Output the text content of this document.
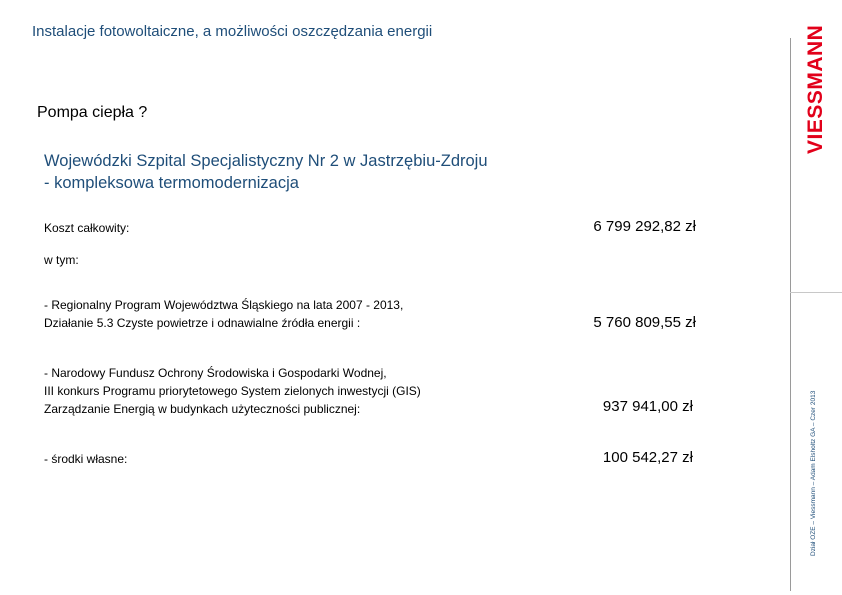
Instalacje fotowoltaiczne, a możliwości oszczędzania energii
Pompa ciepła ?
Wojewódzki Szpital Specjalistyczny Nr 2 w Jastrzębiu-Zdroju
- kompleksowa termomodernizacja
Koszt całkowity:	6 799 292,82 zł
w tym:
- Regionalny Program Województwa Śląskiego na lata 2007 - 2013,
Działanie 5.3 Czyste powietrze i odnawialne źródła energii :	5 760 809,55 zł
- Narodowy Fundusz Ochrony Środowiska i Gospodarki Wodnej,
III konkurs Programu priorytetowego System zielonych inwestycji (GIS)
Zarządzanie Energią w budynkach użyteczności publicznej:	937 941,00 zł
- środki własne:	100 542,27 zł
VIESSMANN
Dział OZE – Viessmann – Adam Elsholtz GA – Czer 2013
